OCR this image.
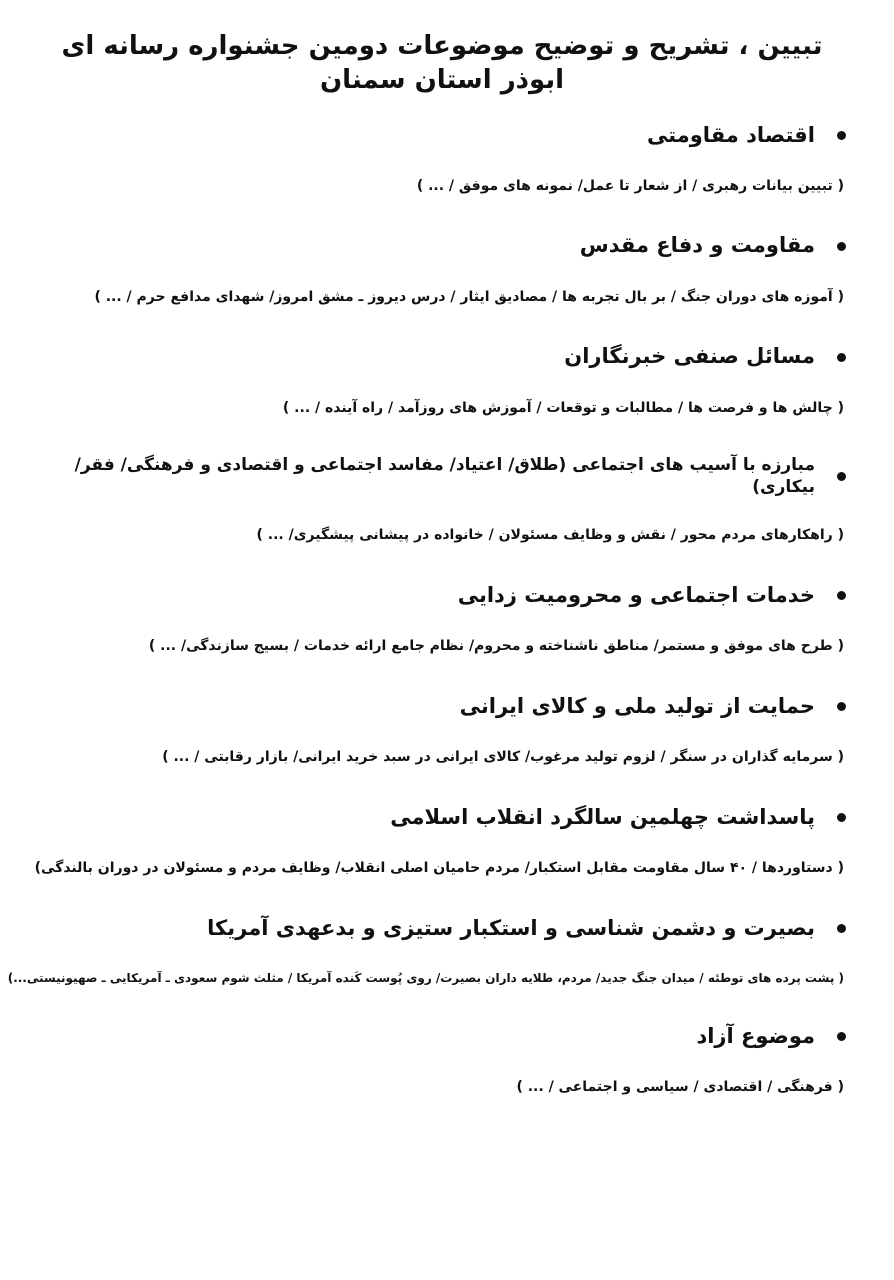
تبیین ، تشریح و توضیح موضوعات دومین جشنواره رسانه ای ابوذر استان سمنان
اقتصاد مقاومتی
( تبیین بیانات رهبری / از شعار تا عمل/ نمونه های موفق / ... )
مقاومت و دفاع مقدس
( آموزه های دوران جنگ / بر بال تجربه ها / مصادیق ایثار / درس دیروز ـ مشق امروز/ شهدای مدافع حرم / ... )
مسائل صنفی خبرنگاران
( چالش ها و فرصت ها / مطالبات و توقعات / آموزش های روزآمد / راه آینده / ... )
مبارزه با آسیب های اجتماعی (طلاق/ اعتیاد/ مفاسد اجتماعی و اقتصادی و فرهنگی/ فقر/بیکاری)
( راهکارهای مردم محور / نقش و وظایف مسئولان / خانواده در پیشانی پیشگیری/ ... )
خدمات اجتماعی و محرومیت زدایی
( طرح های موفق و مستمر/ مناطق ناشناخته و محروم/ نظام جامع ارائه خدمات / بسیج سازندگی/ ... )
حمایت از تولید ملی و کالای ایرانی
( سرمایه گذاران در سنگر / لزوم تولید مرغوب/ کالای ایرانی در سبد خرید ایرانی/ بازار رقابتی / ... )
پاسداشت چهلمین سالگرد انقلاب اسلامی
( دستاوردها / ۴۰ سال مقاومت مقابل استکبار/ مردم حامیان اصلی انقلاب/ وظایف مردم و مسئولان در دوران بالندگی)
بصیرت و دشمن شناسی و استکبار ستیزی و بدعهدی آمریکا
( پشت پرده های توطئه / میدان جنگ جدید/ مردم، طلایه داران بصیرت/ روی پُوست کَنده آمریکا / مثلث شوم سعودی ـ آمریکایی ـ صهیونیستی...)
موضوع آزاد
( فرهنگی / اقتصادی / سیاسی و اجتماعی / ... )
